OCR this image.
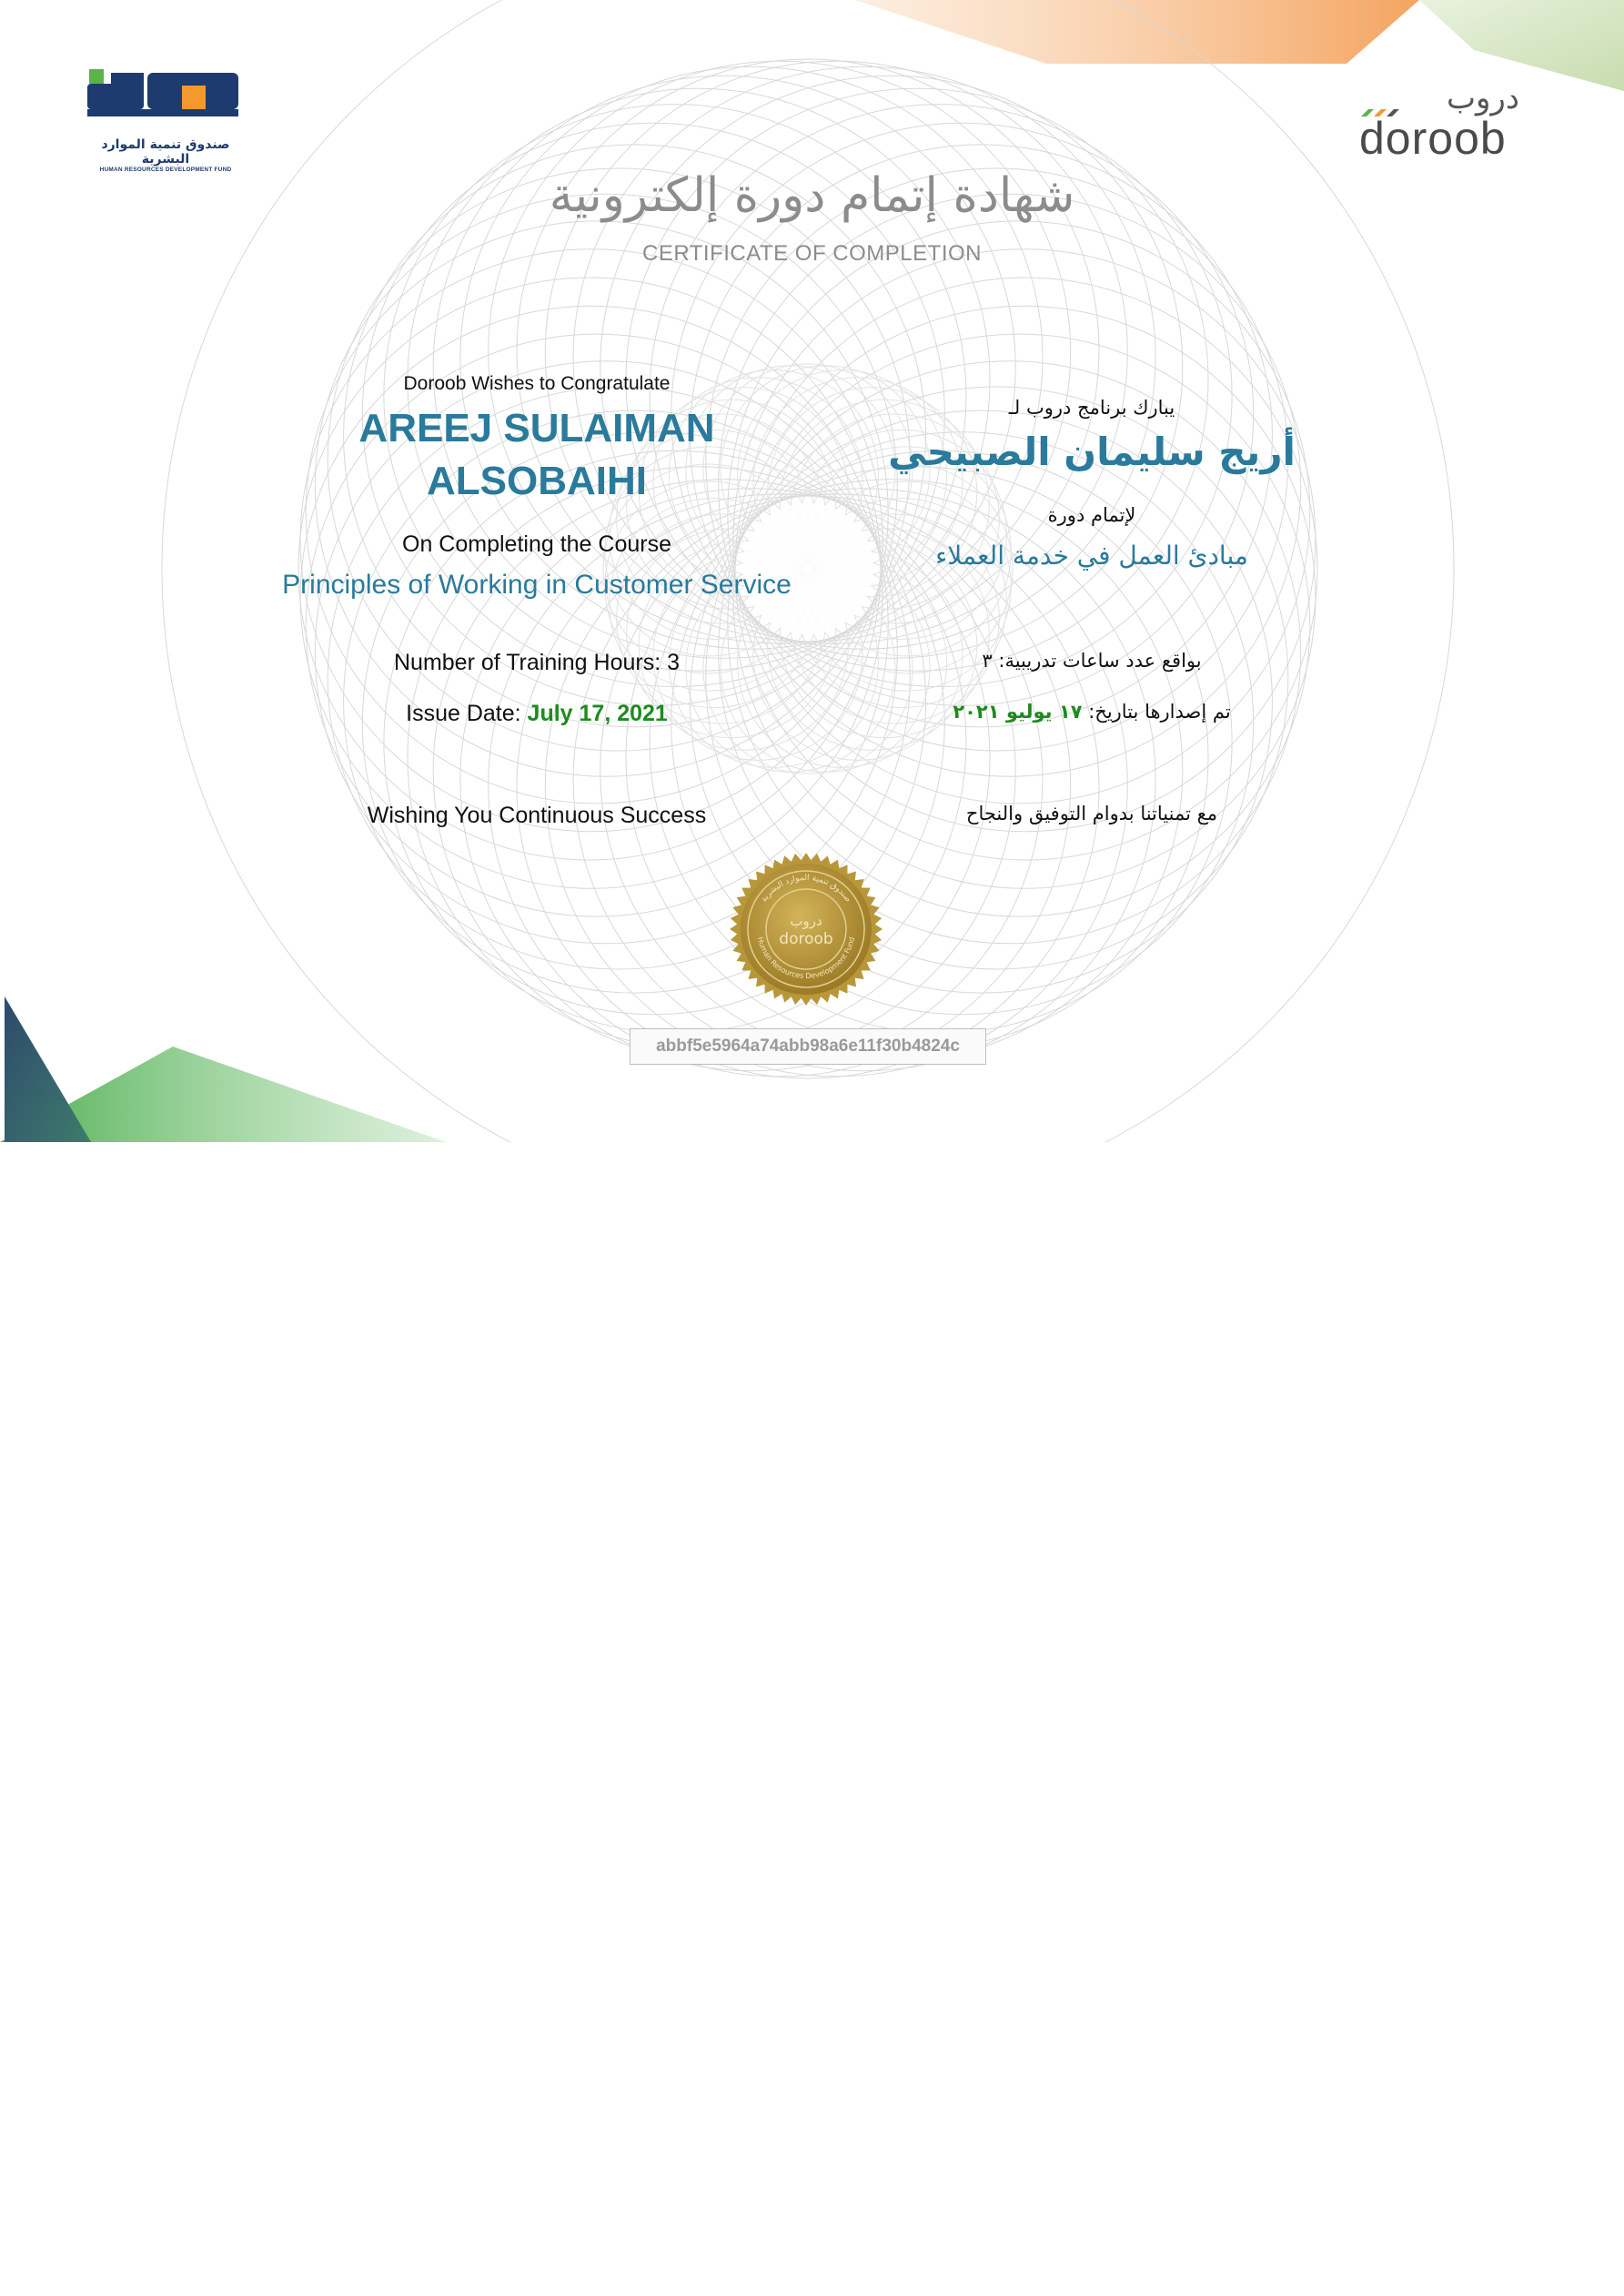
صندوق تنمية الموارد البشرية
HUMAN RESOURCES DEVELOPMENT FUND
دروب
doroob
شهادة إتمام دورة إلكترونية
CERTIFICATE OF COMPLETION
Doroob Wishes to Congratulate
AREEJ SULAIMAN
ALSOBAIHI
On Completing the Course
Principles of Working in Customer Service
Number of Training Hours: 3
Issue Date: July 17, 2021
Wishing You Continuous Success
يبارك برنامج دروب لـ
أريج سليمان الصبيحي
لإتمام دورة
مبادئ العمل في خدمة العملاء
بواقع عدد ساعات تدريبية: ٣
تم إصدارها بتاريخ: ١٧ يوليو ٢٠٢١
مع تمنياتنا بدوام التوفيق والنجاح
صندوق تنمية الموارد البشرية
Human Resources Development Fund
دروب
doroob
abbf5e5964a74abb98a6e11f30b4824c
